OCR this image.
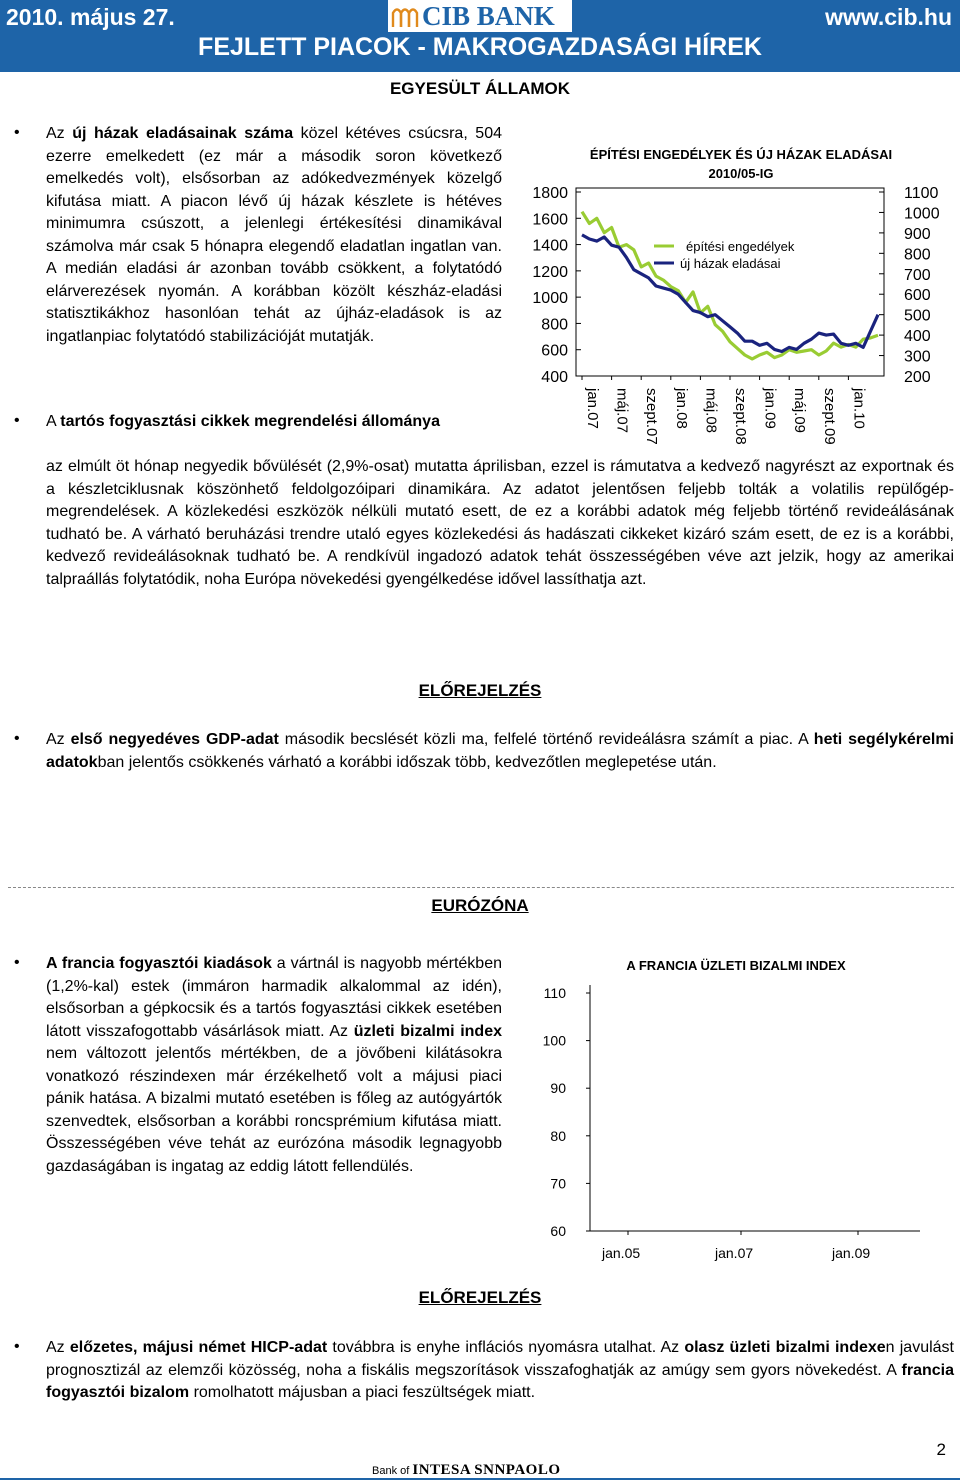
2010. május 27.	CIB BANK	www.cib.hu
FEJLETT PIACOK - MAKROGAZDASÁGI HÍREK
EGYESÜLT ÁLLAMOK
• Az új házak eladásainak száma közel kétéves csúcsra, 504 ezerre emelkedett (ez már a második soron következő emelkedés volt), elsősorban az adókedvezmények közelgő kifutása miatt. A piacon lévő új házak készlete is hétéves minimumra csúszott, a jelenlegi értékesítési dinamikával számolva már csak 5 hónapra elegendő eladatlan ingatlan van. A medián eladási ár azonban tovább csökkent, a folytatódó elárverezések nyomán. A korábban közölt készház-eladási statisztikákhoz hasonlóan tehát az újház-eladások is az ingatlanpiac folytatódó stabilizációját mutatják.
ÉPÍTÉSI ENGEDÉLYEK ÉS ÚJ HÁZAK ELADÁSAI 2010/05-IG
400
600
800
1000
1200
1400
1600
1800
200
300
400
500
600
700
800
900
1000
1100
jan.07 máj.07 szept.07 jan.08 máj.08 szept.08 jan.09 máj.09 szept.09 jan.10
építési engedélyek
új házak eladásai
• A tartós fogyasztási cikkek megrendelési állománya
az elmúlt öt hónap negyedik bővülését (2,9%-osat) mutatta áprilisban, ezzel is rámutatva a kedvező nagyrészt az exportnak és a készletciklusnak köszönhető feldolgozóipari dinamikára. Az adatot jelentősen feljebb tolták a volatilis repülőgép-megrendelések. A közlekedési eszközök nélküli mutató esett, de ez a korábbi adatok még feljebb történő revideálásának tudható be. A várható beruházási trendre utaló egyes közlekedési ás hadászati cikkeket kizáró szám esett, de ez is a korábbi, kedvező revideálásoknak tudható be. A rendkívül ingadozó adatok tehát összességében véve azt jelzik, hogy az amerikai talpraállás folytatódik, noha Európa növekedési gyengélkedése idővel lassíthatja azt.
ELŐREJELZÉS
• Az első negyedéves GDP-adat második becslését közli ma, felfelé történő revideálásra számít a piac. A heti segélykérelmi adatokban jelentős csökkenés várható a korábbi időszak több, kedvezőtlen meglepetése után.
EURÓZÓNA
• A francia fogyasztói kiadások a vártnál is nagyobb mértékben (1,2%-kal) estek (immáron harmadik alkalommal az idén), elsősorban a gépkocsik és a tartós fogyasztási cikkek esetében látott visszafogottabb vásárlások miatt. Az üzleti bizalmi index nem változott jelentős mértékben, de a jövőbeni kilátásokra vonatkozó részindexen már érzékelhető volt a májusi piaci pánik hatása. A bizalmi mutató esetében is főleg az autógyártók szenvedtek, elsősorban a korábbi roncsprémium kifutása miatt. Összességében véve tehát az eurózóna második legnagyobb gazdaságában is ingatag az eddig látott fellendülés.
A FRANCIA ÜZLETI BIZALMI INDEX
60
70
80
90
100
110
jan.05	jan.07	jan.09
ELŐREJELZÉS
• Az előzetes, májusi német HICP-adat továbbra is enyhe inflációs nyomásra utalhat. Az olasz üzleti bizalmi indexen javulást prognosztizál az elemzői közösség, noha a fiskális megszorítások visszafoghatják az amúgy sem gyors növekedést. A francia fogyasztói bizalom romolhatott májusban a piaci feszültségek miatt.
Bank of INTESA SNNPAOLO
2
